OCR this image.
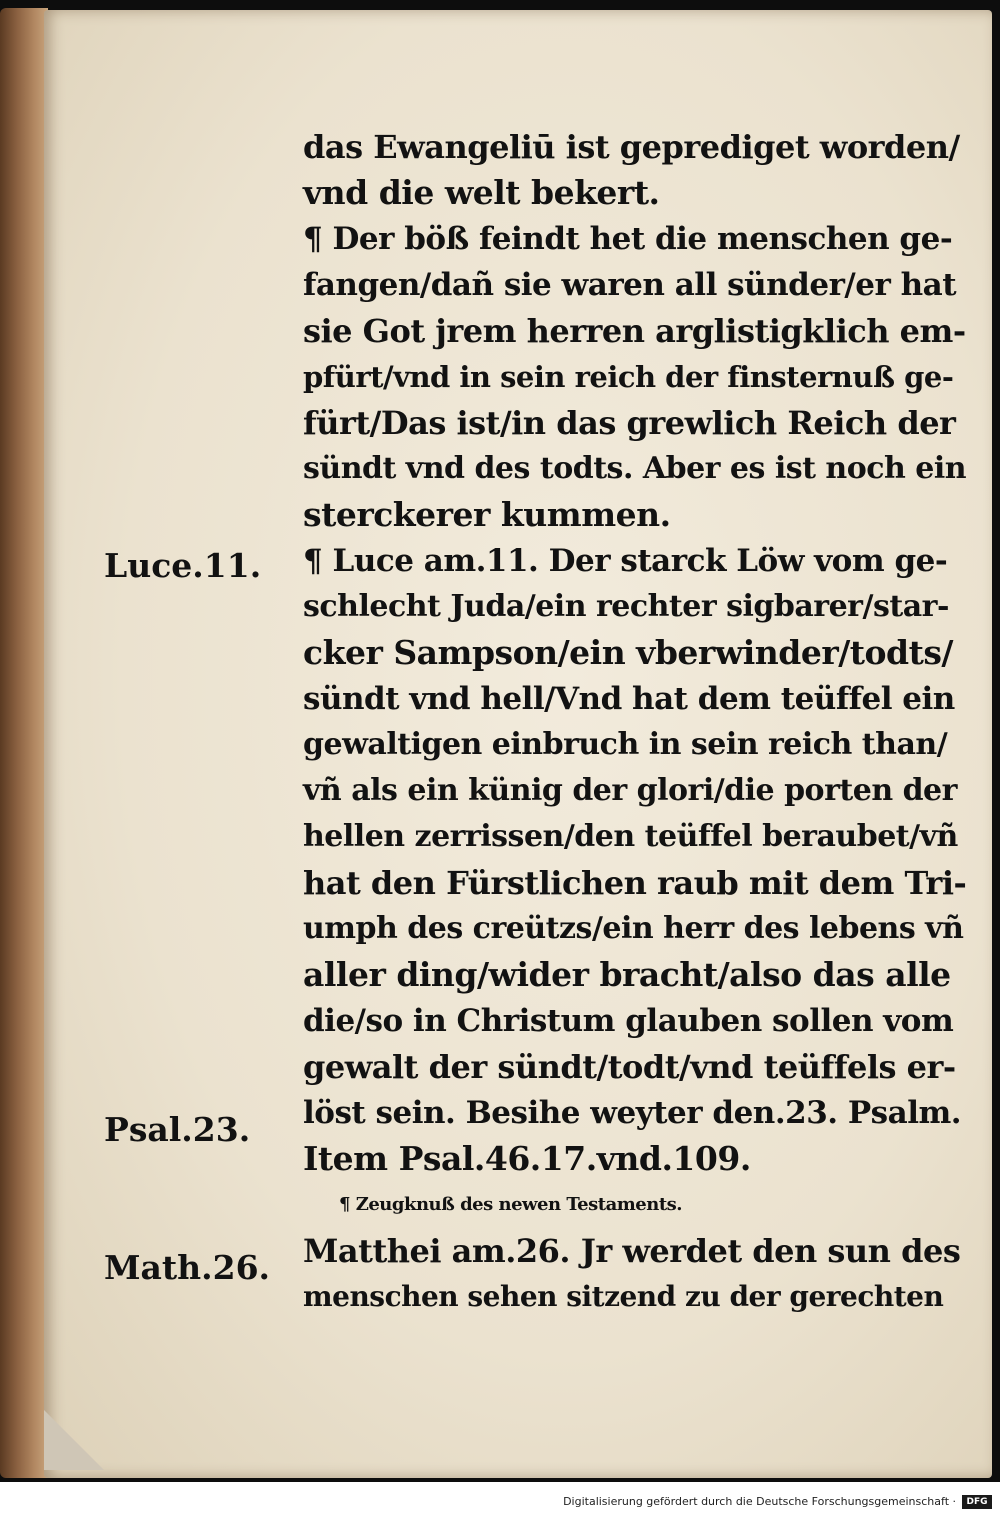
Luce.11.
Psal.23.
Math.26.
das Ewangeliū ist geprediget worden/
vnd die welt bekert.
¶ Der böß feindt het die menschen ge-
fangen/dañ sie waren all sünder/er hat
sie Got jrem herren arglistigklich em-
pfürt/vnd in sein reich der finsternuß ge-
fürt/Das ist/in das grewlich Reich der
sündt vnd des todts. Aber es ist noch ein
sterckerer kummen.
¶ Luce am.11. Der starck Löw vom ge-
schlecht Juda/ein rechter sigbarer/star-
cker Sampson/ein vberwinder/todts/
sündt vnd hell/Vnd hat dem teüffel ein
gewaltigen einbruch in sein reich than/
vñ als ein künig der glori/die porten der
hellen zerrissen/den teüffel beraubet/vñ
hat den Fürstlichen raub mit dem Tri-
umph des creützs/ein herr des lebens vñ
aller ding/wider bracht/also das alle
die/so in Christum glauben sollen vom
gewalt der sündt/todt/vnd teüffels er-
löst sein. Besihe weyter den.23. Psalm.
Item Psal.46.17.vnd.109.
¶ Zeugknuß des newen Testaments.
Matthei am.26. Jr werdet den sun des
menschen sehen sitzend zu der gerechten
Digitalisierung gefördert durch die Deutsche Forschungsgemeinschaft ·	DFG
